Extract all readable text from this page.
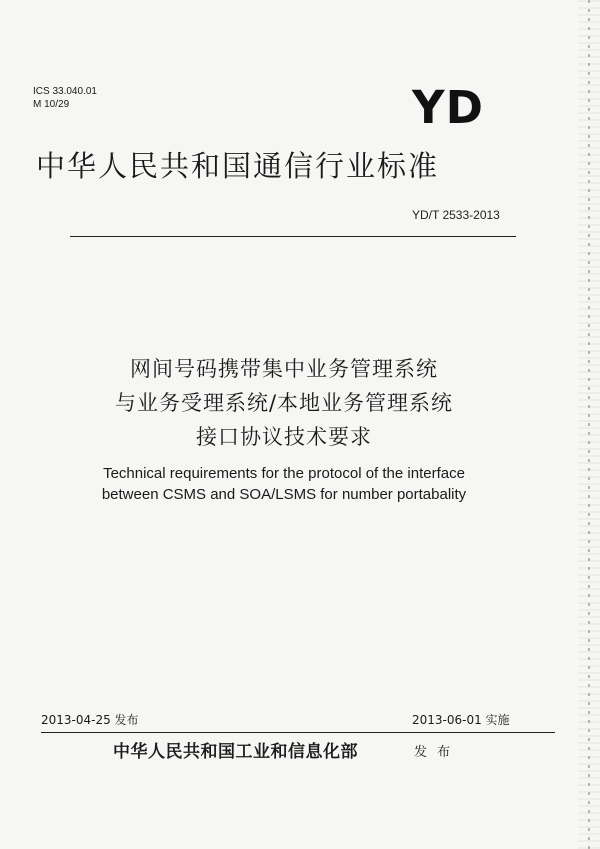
ICS 33.040.01
M 10/29	YD
中华人民共和国通信行业标准
YD/T 2533-2013
网间号码携带集中业务管理系统
与业务受理系统/本地业务管理系统
接口协议技术要求
Technical requirements for the protocol of the interface
between CSMS and SOA/LSMS for number portabality
2013-04-25 发布	2013-06-01 实施
中华人民共和国工业和信息化部	发 布
